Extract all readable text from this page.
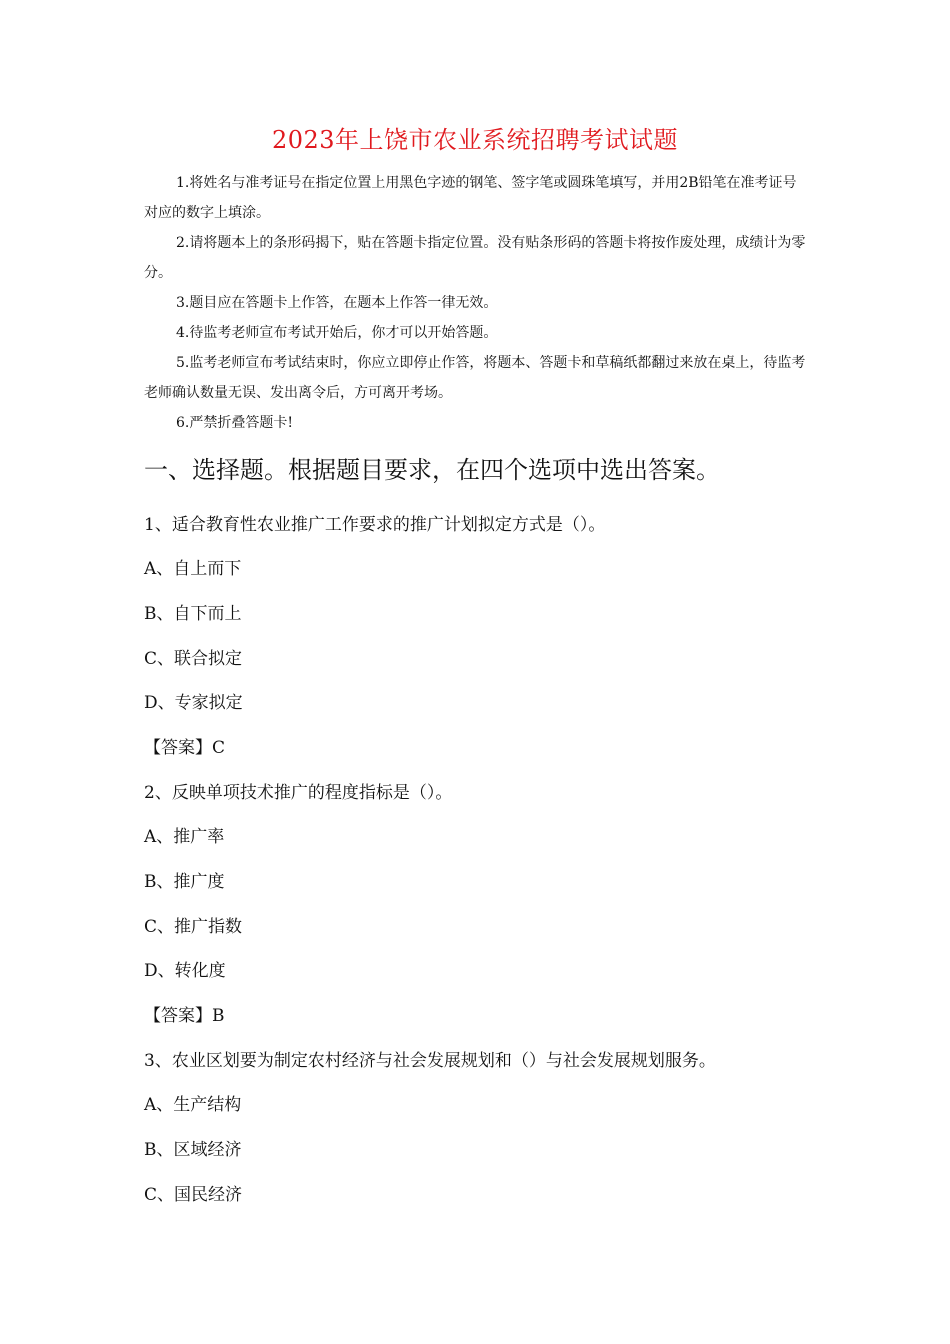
2023年上饶市农业系统招聘考试试题

1.将姓名与准考证号在指定位置上用黑色字迹的钢笔、签字笔或圆珠笔填写，并用2B铅笔在准考证号对应的数字上填涂。

2.请将题本上的条形码揭下，贴在答题卡指定位置。没有贴条形码的答题卡将按作废处理，成绩计为零分。

3.题目应在答题卡上作答，在题本上作答一律无效。

4.待监考老师宣布考试开始后，你才可以开始答题。

5.监考老师宣布考试结束时，你应立即停止作答，将题本、答题卡和草稿纸都翻过来放在桌上，待监考老师确认数量无误、发出离令后，方可离开考场。

6.严禁折叠答题卡!

一、选择题。根据题目要求，在四个选项中选出答案。
1、适合教育性农业推广工作要求的推广计划拟定方式是（）。
A、自上而下
B、自下而上
C、联合拟定
D、专家拟定
【答案】C
2、反映单项技术推广的程度指标是（）。
A、推广率
B、推广度
C、推广指数
D、转化度
【答案】B
3、农业区划要为制定农村经济与社会发展规划和（）与社会发展规划服务。
A、生产结构
B、区域经济
C、国民经济
